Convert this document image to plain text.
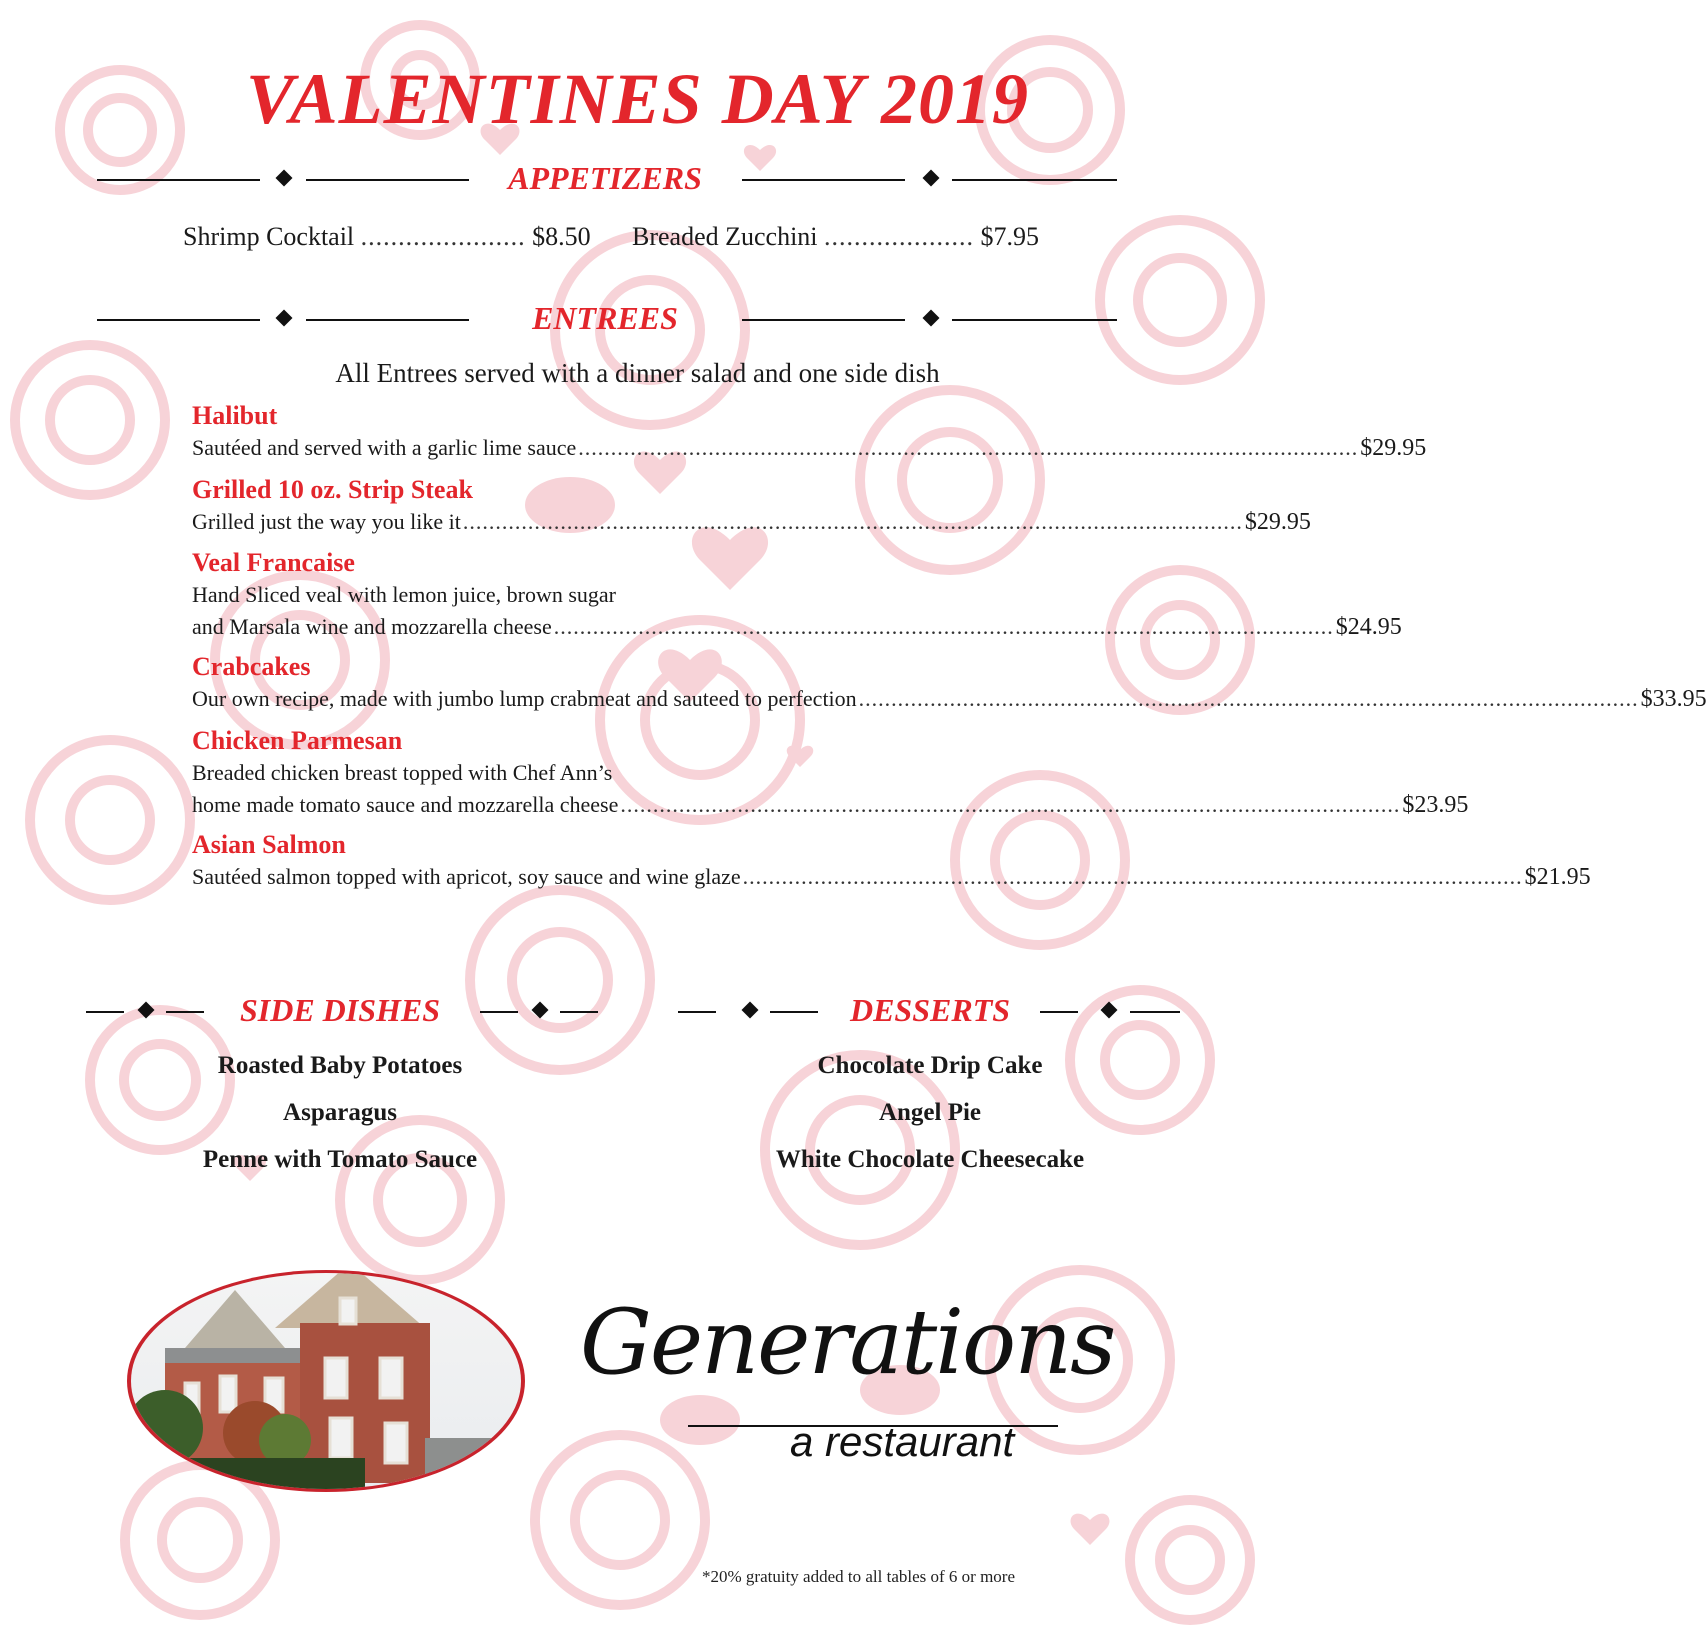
VALENTINES DAY 2019
APPETIZERS
Shrimp Cocktail ...................... $8.50 Breaded Zucchini .................... $7.95
ENTREES
All Entrees served with a dinner salad and one side dish
Halibut
Sautéed and served with a garlic lime sauce ........................................................................................................................ $29.95
Grilled 10 oz. Strip Steak
Grilled just the way you like it ........................................................................................................................ $29.95
Veal Francaise
Hand Sliced veal with lemon juice, brown sugar
and Marsala wine and mozzarella cheese ........................................................................................................................ $24.95
Crabcakes
Our own recipe, made with jumbo lump crabmeat and sauteed to perfection ........................................................................................................................ $33.95
Chicken Parmesan
Breaded chicken breast topped with Chef Ann’s
home made tomato sauce and mozzarella cheese ........................................................................................................................ $23.95
Asian Salmon
Sautéed salmon topped with apricot, soy sauce and wine glaze ........................................................................................................................ $21.95
SIDE DISHES	DESSERTS
Roasted Baby Potatoes
Asparagus
Penne with Tomato Sauce
Chocolate Drip Cake
Angel Pie
White Chocolate Cheesecake
Generations
a restaurant
*20% gratuity added to all tables of 6 or more
